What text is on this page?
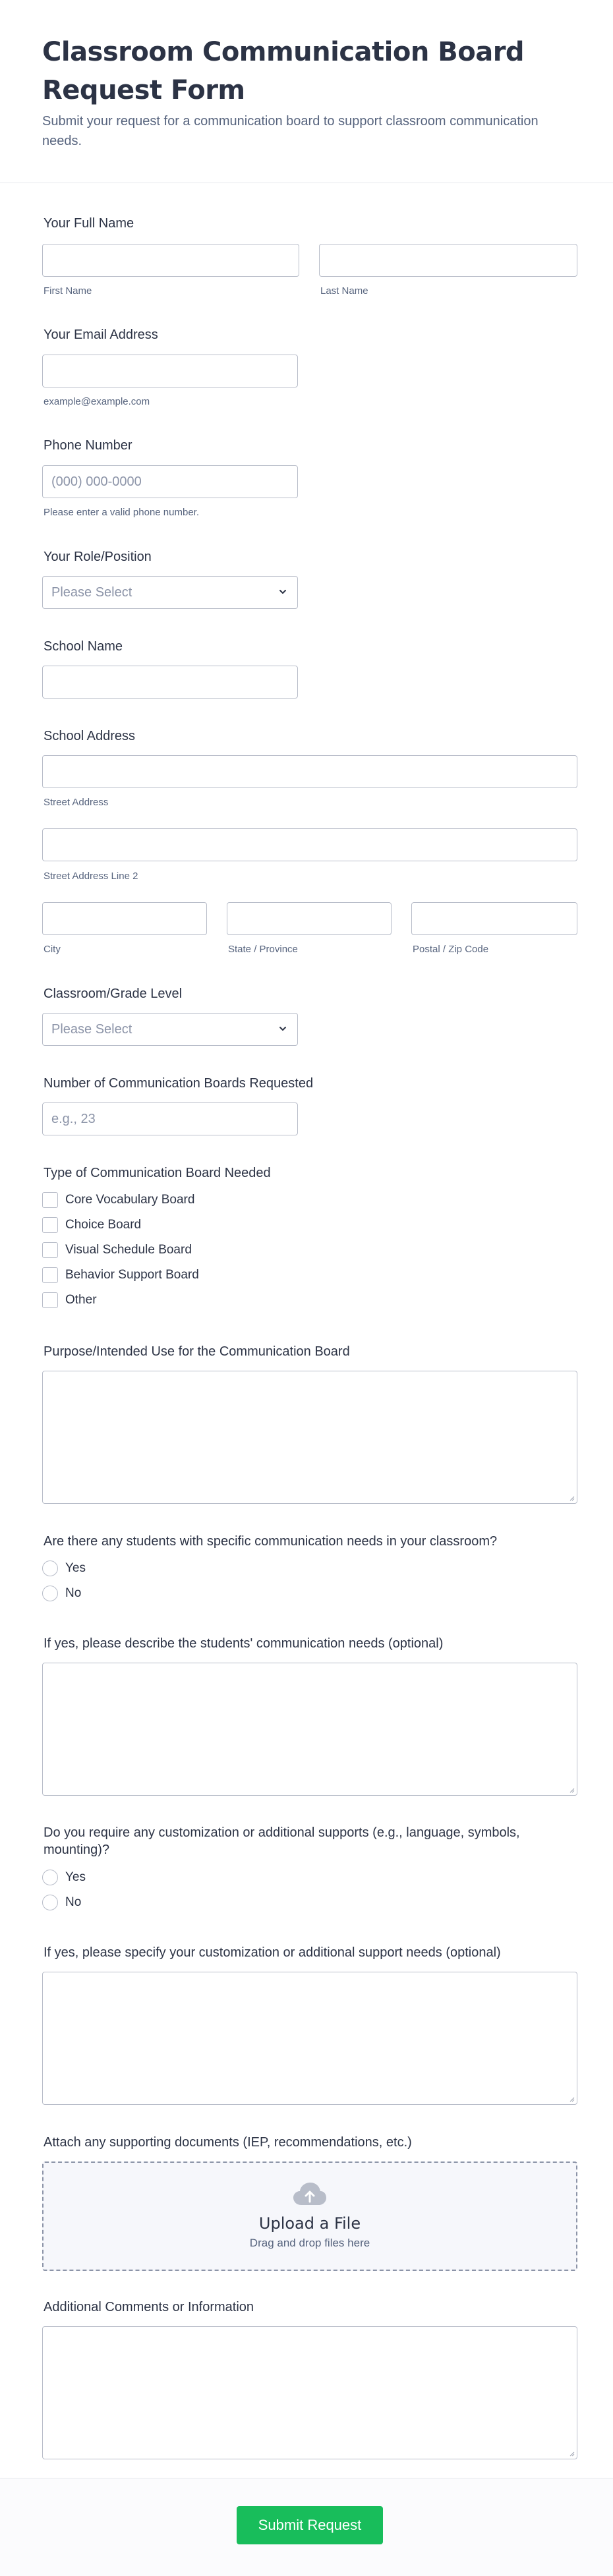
Classroom Communication Board Request Form

Submit your request for a communication board to support classroom communication needs.

Your Full Name
First Name	Last Name
Your Email Address
example@example.com
Phone Number
(000) 000-0000
Please enter a valid phone number.
Your Role/Position
Please Select
School Name
School Address
Street Address
Street Address Line 2
City	State / Province	Postal / Zip Code
Classroom/Grade Level
Please Select
Number of Communication Boards Requested
e.g., 23
Type of Communication Board Needed
Core Vocabulary Board
Choice Board
Visual Schedule Board
Behavior Support Board
Other
Purpose/Intended Use for the Communication Board
Are there any students with specific communication needs in your classroom?
Yes
No
If yes, please describe the students' communication needs (optional)
Do you require any customization or additional supports (e.g., language, symbols, mounting)?
Yes
No
If yes, please specify your customization or additional support needs (optional)
Attach any supporting documents (IEP, recommendations, etc.)
Upload a File
Drag and drop files here
Additional Comments or Information
Submit Request
